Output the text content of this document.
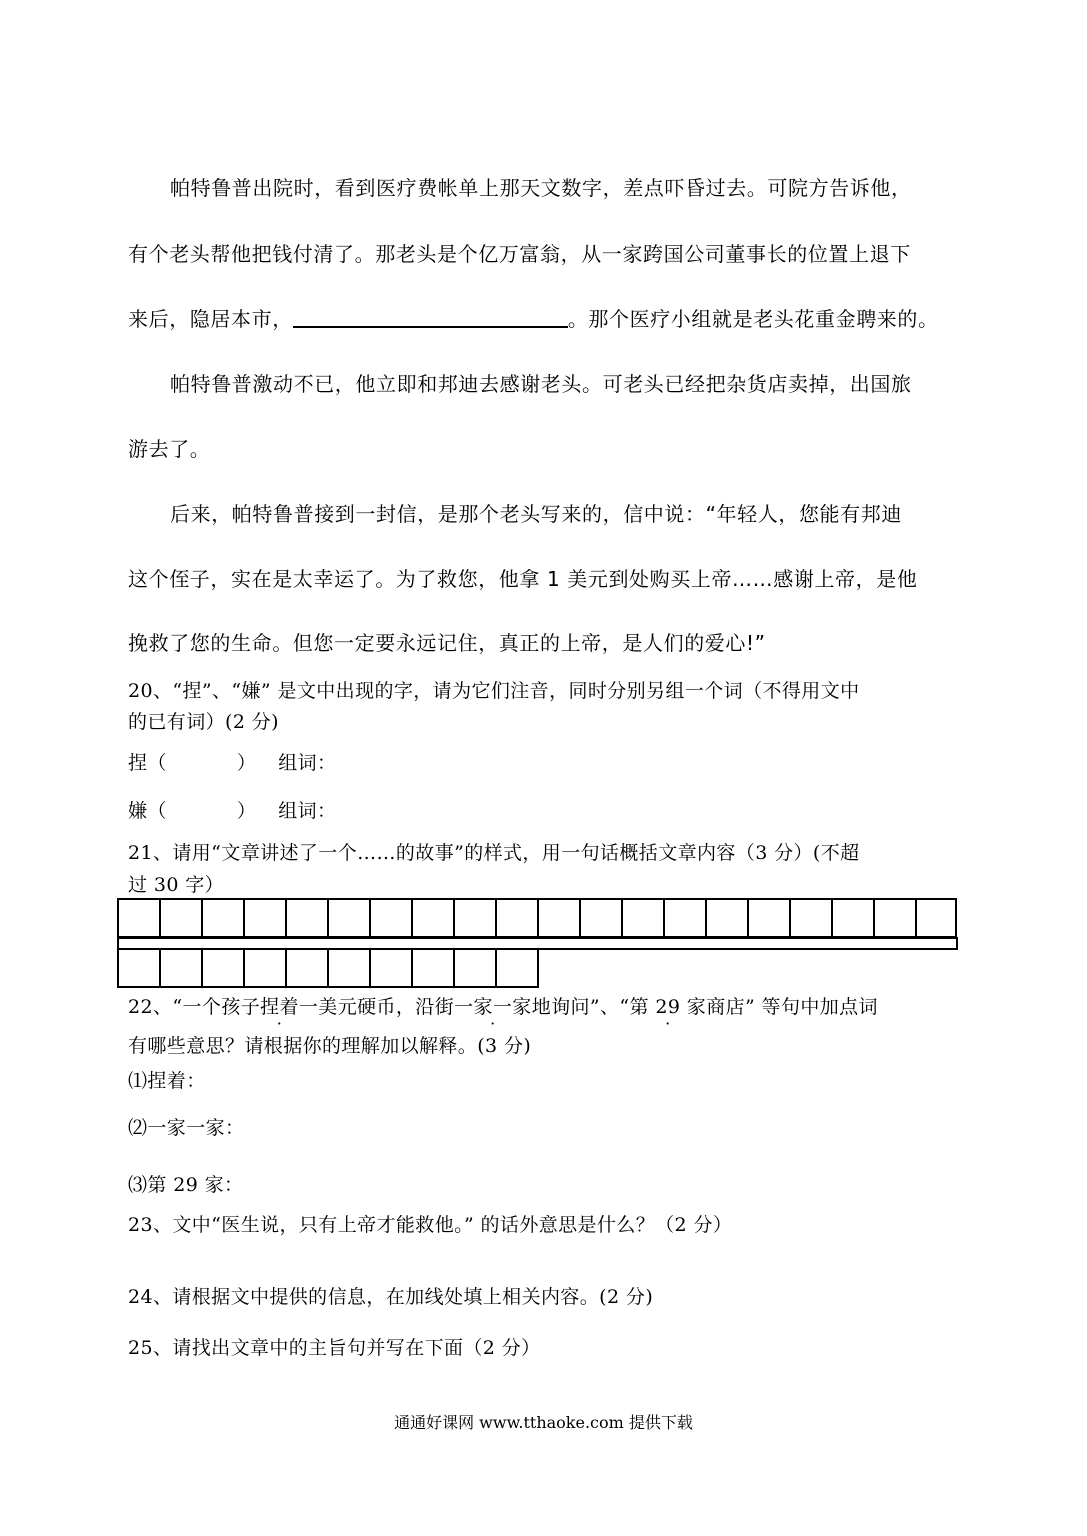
帕特鲁普出院时，看到医疗费帐单上那天文数字，差点吓昏过去。可院方告诉他，
有个老头帮他把钱付清了。那老头是个亿万富翁，从一家跨国公司董事长的位置上退下
来后，隐居本市，	。那个医疗小组就是老头花重金聘来的。
帕特鲁普激动不已，他立即和邦迪去感谢老头。可老头已经把杂货店卖掉，出国旅
游去了。
后来，帕特鲁普接到一封信，是那个老头写来的，信中说：“年轻人，您能有邦迪
这个侄子，实在是太幸运了。为了救您，他拿 1 美元到处购买上帝……感谢上帝，是他
挽救了您的生命。但您一定要永远记住，真正的上帝，是人们的爱心!”
20、“捏”、“嫌” 是文中出现的字，请为它们注音，同时分别另组一个词（不得用文中
的已有词）(2 分)
捏（	） 组词：
嫌（	） 组词：
21、请用“文章讲述了一个……的故事”的样式，用一句话概括文章内容（3 分）(不超
过 30 字）

22、“一个孩子捏着一美元硬币，沿街一家一家地询问”、“第 29 家 ·商店” 等句中加点词
有哪些意思？请根据你的理解加以解释。(3 分)
⑴捏着：
⑵一家一家：
⑶第 29 家：
23、文中“医生说，只有上帝才能救他。” 的话外意思是什么？（2 分）
24、请根据文中提供的信息，在加线处填上相关内容。(2 分)
25、请找出文章中的主旨句并写在下面（2 分）
通通好课网 www.tthaoke.com 提供下载
